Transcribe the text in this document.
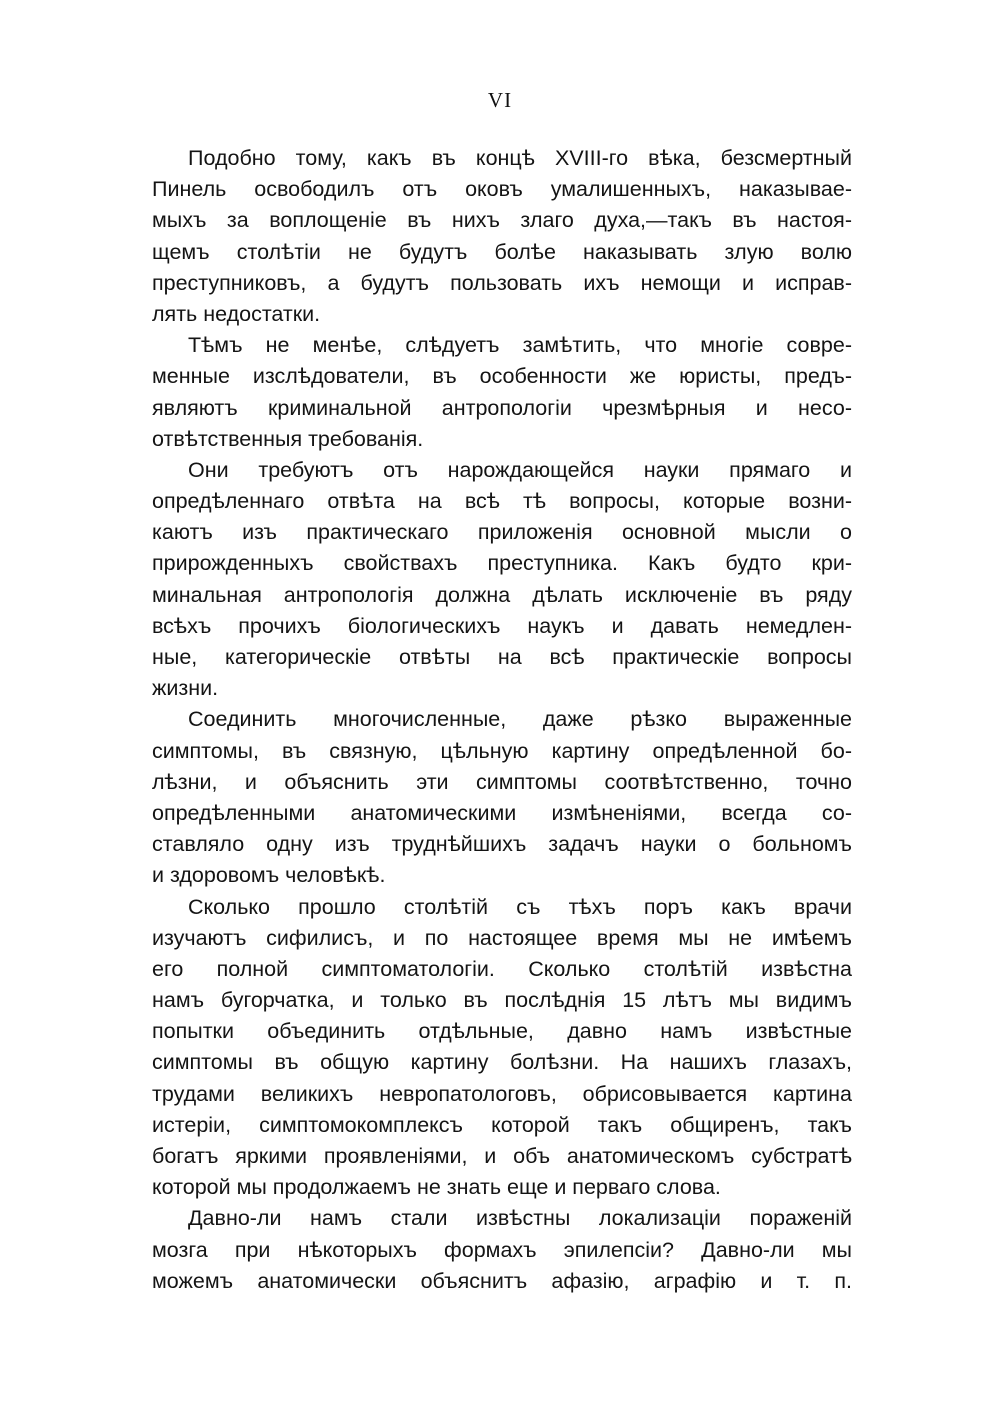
VI
Подобно тому, какъ въ концѣ XVIII-го вѣка, безсмертный
Пинель освободилъ отъ оковъ умалишенныхъ, наказывае-
мыхъ за воплощеніе въ нихъ злаго духа,—такъ въ настоя-
щемъ столѣтіи не будутъ болѣе наказывать злую волю
преступниковъ, а будутъ пользовать ихъ немощи и исправ-
лять недостатки.
Тѣмъ не менѣе, слѣдуетъ замѣтить, что многіе совре-
менные изслѣдователи, въ особенности же юристы, предъ-
являютъ криминальной антропологіи чрезмѣрныя и несо-
отвѣтственныя требованія.
Они требуютъ отъ нарождающейся науки прямаго и
опредѣленнаго отвѣта на всѣ тѣ вопросы, которые возни-
каютъ изъ практическаго приложенія основной мысли о
прирожденныхъ свойствахъ преступника. Какъ будто кри-
минальная антропологія должна дѣлать исключеніе въ ряду
всѣхъ прочихъ біологическихъ наукъ и давать немедлен-
ные, категорическіе отвѣты на всѣ практическіе вопросы
жизни.
Соединить многочисленные, даже рѣзко выраженные
симптомы, въ связную, цѣльную картину опредѣленной бо-
лѣзни, и объяснить эти симптомы соотвѣтственно, точно
опредѣленными анатомическими измѣненіями, всегда со-
ставляло одну изъ труднѣйшихъ задачъ науки о больномъ
и здоровомъ человѣкѣ.
Сколько прошло столѣтій съ тѣхъ поръ какъ врачи
изучаютъ сифилисъ, и по настоящее время мы не имѣемъ
его полной симптоматологіи. Сколько столѣтій извѣстна
намъ бугорчатка, и только въ послѣднія 15 лѣтъ мы видимъ
попытки объединить отдѣльные, давно намъ извѣстные
симптомы въ общую картину болѣзни. На нашихъ глазахъ,
трудами великихъ невропатологовъ, обрисовывается картина
истеріи, симптомокомплексъ которой такъ общиренъ, такъ
богатъ яркими проявленіями, и объ анатомическомъ субстратѣ
которой мы продолжаемъ не знать еще и перваго слова.
Давно-ли намъ стали извѣстны локализаціи пораженій
мозга при нѣкоторыхъ формахъ эпилепсіи? Давно-ли мы
можемъ анатомически объяснитъ афазію, аграфію и т. п.
